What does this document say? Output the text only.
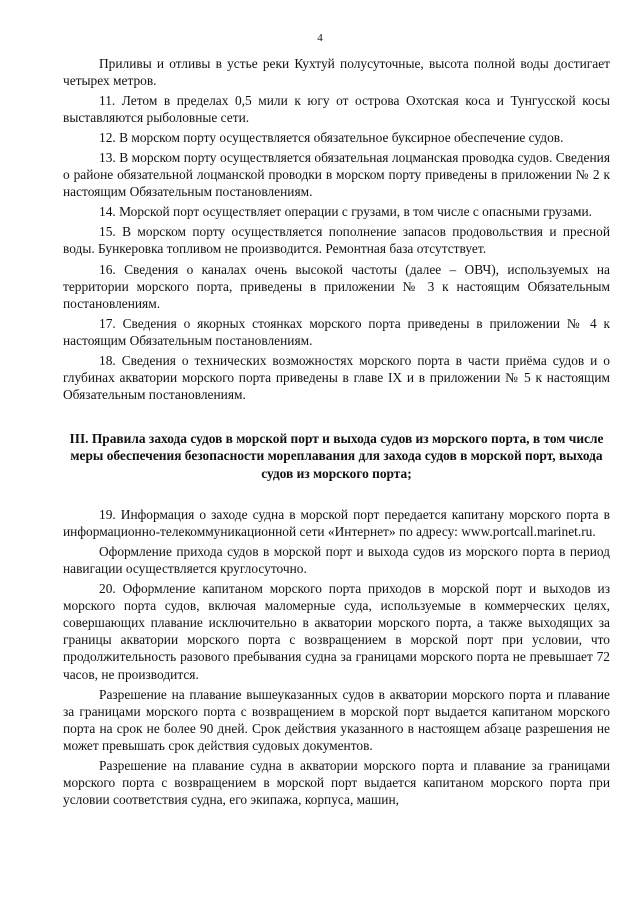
4

Приливы и отливы в устье реки Кухтуй полусуточные, высота полной воды достигает четырех метров.

11. Летом в пределах 0,5 мили к югу от острова Охотская коса и Тунгусской косы выставляются рыболовные сети.

12. В морском порту осуществляется обязательное буксирное обеспечение судов.

13. В морском порту осуществляется обязательная лоцманская проводка судов. Сведения о районе обязательной лоцманской проводки в морском порту приведены в приложении № 2 к настоящим Обязательным постановлениям.

14. Морской порт осуществляет операции с грузами, в том числе с опасными грузами.

15. В морском порту осуществляется пополнение запасов продовольствия и пресной воды. Бункеровка топливом не производится. Ремонтная база отсутствует.

16. Сведения о каналах очень высокой частоты (далее – ОВЧ), используемых на территории морского порта, приведены в приложении № 3 к настоящим Обязательным постановлениям.

17. Сведения о якорных стоянках морского порта приведены в приложении № 4 к настоящим Обязательным постановлениям.

18. Сведения о технических возможностях морского порта в части приёма судов и о глубинах акватории морского порта приведены в главе IX и в приложении № 5 к настоящим Обязательным постановлениям.

III. Правила захода судов в морской порт и выхода судов из морского порта, в том числе меры обеспечения безопасности мореплавания для захода судов в морской порт, выхода судов из морского порта;

19. Информация о заходе судна в морской порт передается капитану морского порта в информационно-телекоммуникационной сети «Интернет» по адресу: www.portcall.marinet.ru.

Оформление прихода судов в морской порт и выхода судов из морского порта в период навигации осуществляется круглосуточно.

20. Оформление капитаном морского порта приходов в морской порт и выходов из морского порта судов, включая маломерные суда, используемые в коммерческих целях, совершающих плавание исключительно в акватории морского порта, а также выходящих за границы акватории морского порта с возвращением в морской порт при условии, что продолжительность разового пребывания судна за границами морского порта не превышает 72 часов, не производится.

Разрешение на плавание вышеуказанных судов в акватории морского порта и плавание за границами морского порта с возвращением в морской порт выдается капитаном морского порта на срок не более 90 дней. Срок действия указанного в настоящем абзаце разрешения не может превышать срок действия судовых документов.

Разрешение на плавание судна в акватории морского порта и плавание за границами морского порта с возвращением в морской порт выдается капитаном морского порта при условии соответствия судна, его экипажа, корпуса, машин,
